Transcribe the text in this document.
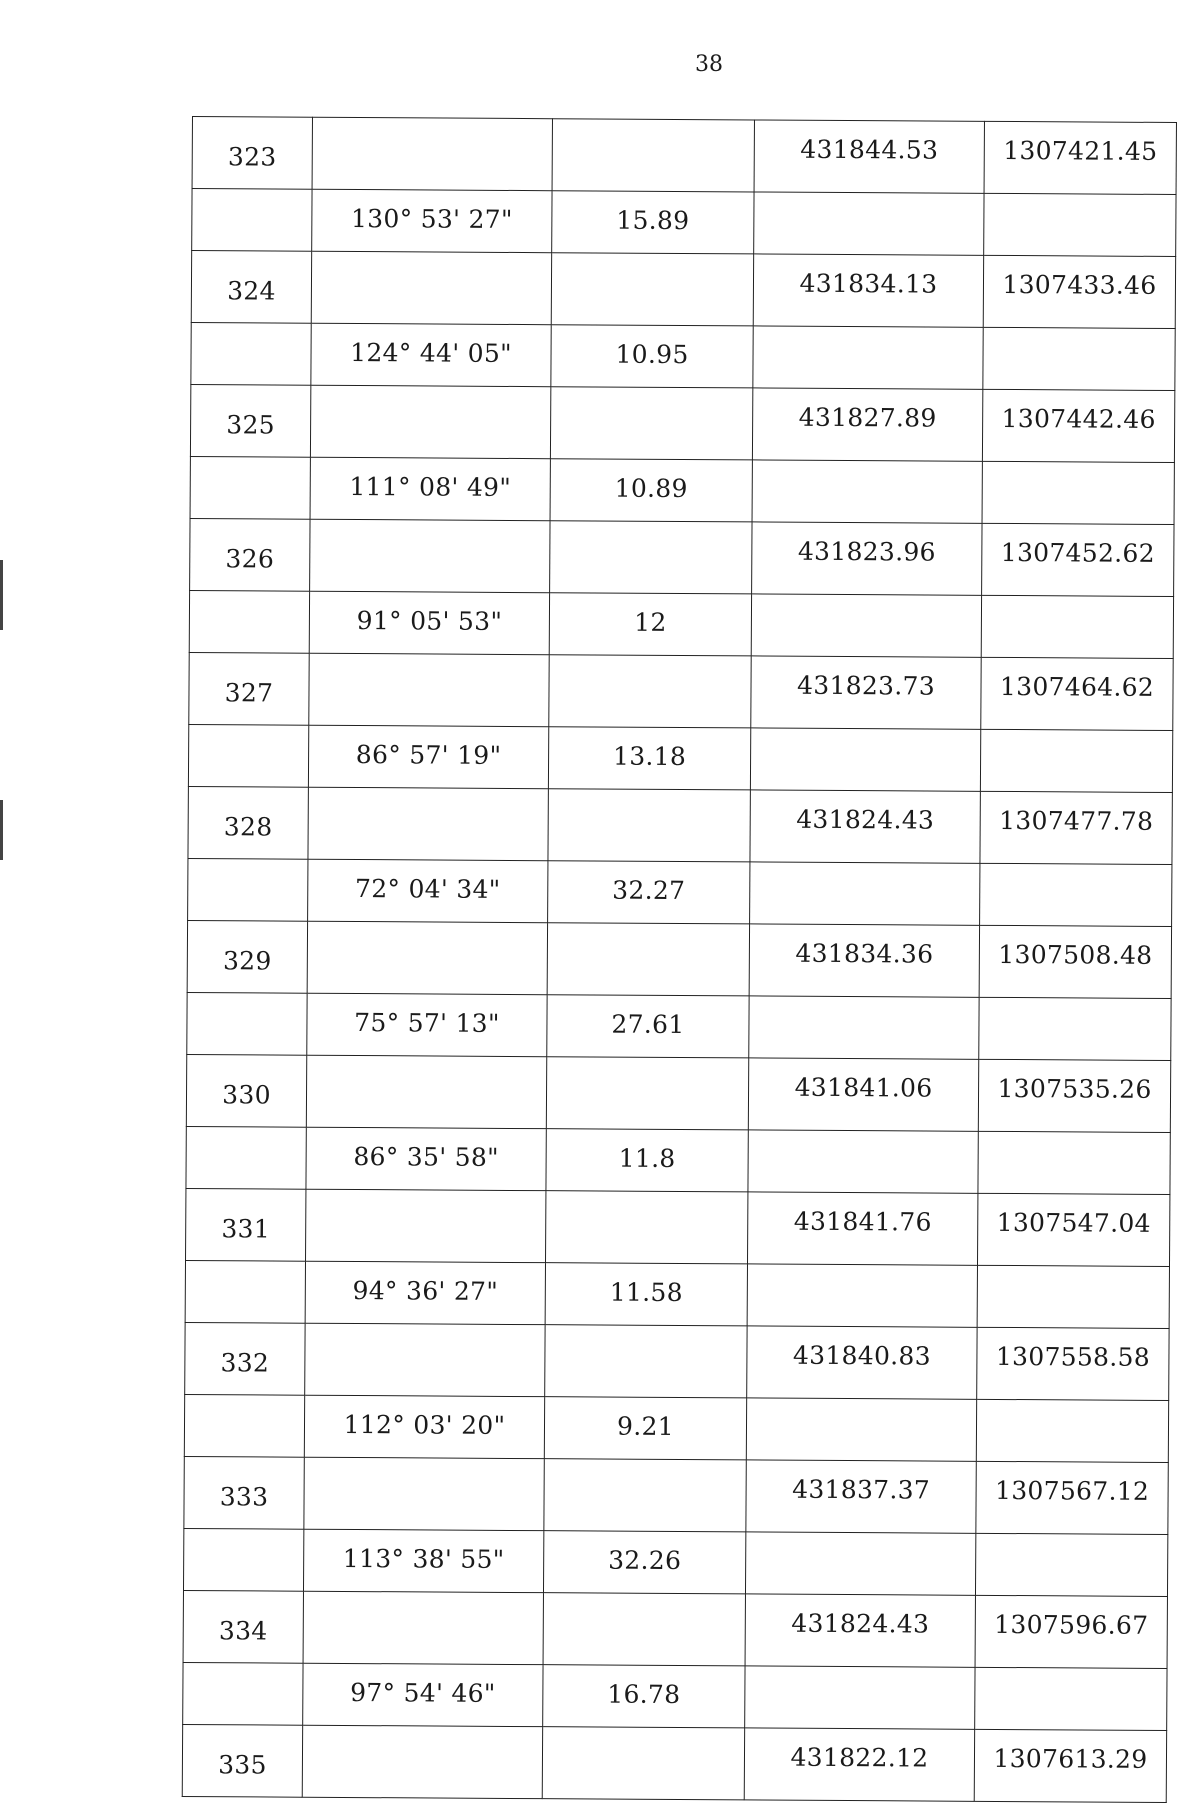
38
323			431844.53	1307421.45
	130° 53' 27"	15.89		
324			431834.13	1307433.46
	124° 44' 05"	10.95		
325			431827.89	1307442.46
	111° 08' 49"	10.89		
326			431823.96	1307452.62
	91° 05' 53"	12		
327			431823.73	1307464.62
	86° 57' 19"	13.18		
328			431824.43	1307477.78
	72° 04' 34"	32.27		
329			431834.36	1307508.48
	75° 57' 13"	27.61		
330			431841.06	1307535.26
	86° 35' 58"	11.8		
331			431841.76	1307547.04
	94° 36' 27"	11.58		
332			431840.83	1307558.58
	112° 03' 20"	9.21		
333			431837.37	1307567.12
	113° 38' 55"	32.26		
334			431824.43	1307596.67
	97° 54' 46"	16.78		
335			431822.12	1307613.29
